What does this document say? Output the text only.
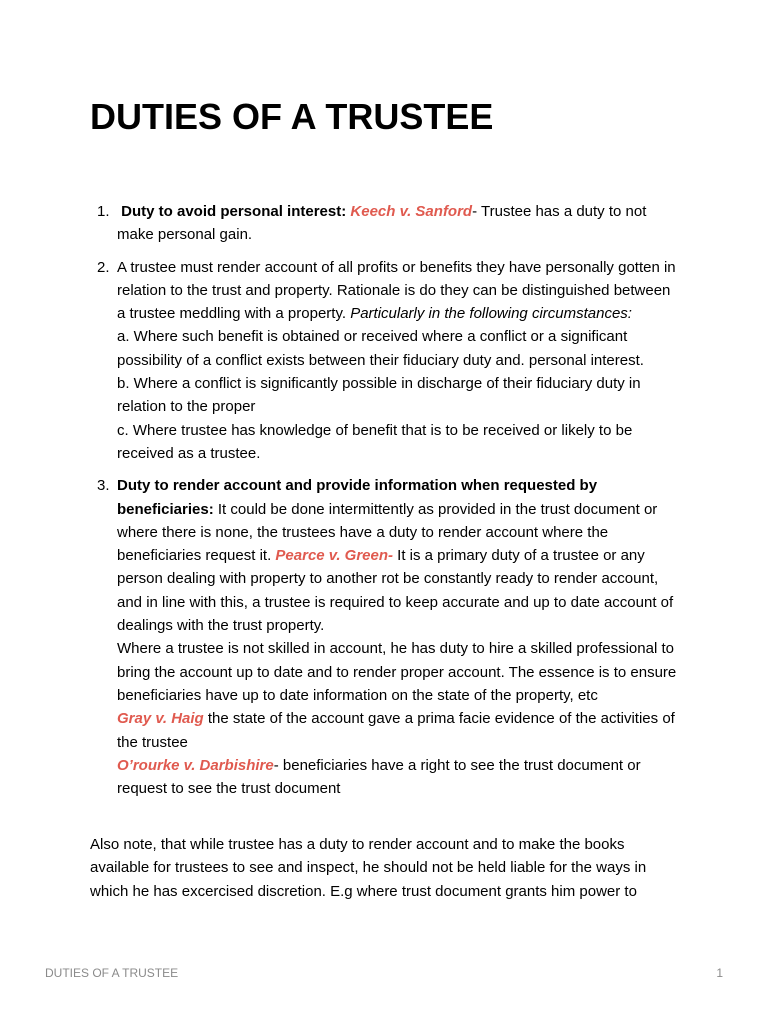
DUTIES OF A TRUSTEE
1. Duty to avoid personal interest: Keech v. Sanford- Trustee has a duty to not make personal gain.
2. A trustee must render account of all profits or benefits they have personally gotten in relation to the trust and property. Rationale is do they can be distinguished between a trustee meddling with a property. Particularly in the following circumstances:
a. Where such benefit is obtained or received where a conflict or a significant possibility of a conflict exists between their fiduciary duty and. personal interest.
b. Where a conflict is significantly possible in discharge of their fiduciary duty in relation to the proper
c. Where trustee has knowledge of benefit that is to be received or likely to be received as a trustee.
3. Duty to render account and provide information when requested by beneficiaries: It could be done intermittently as provided in the trust document or where there is none, the trustees have a duty to render account where the beneficiaries request it. Pearce v. Green- It is a primary duty of a trustee or any person dealing with property to another rot be constantly ready to render account, and in line with this, a trustee is required to keep accurate and up to date account of dealings with the trust property.
Where a trustee is not skilled in account, he has duty to hire a skilled professional to bring the account up to date and to render proper account. The essence is to ensure beneficiaries have up to date information on the state of the property, etc
Gray v. Haig the state of the account gave a prima facie evidence of the activities of the trustee
O’rourke v. Darbishire- beneficiaries have a right to see the trust document or request to see the trust document

Also note, that while trustee has a duty to render account and to make the books available for trustees to see and inspect, he should not be held liable for the ways in which he has excercised discretion. E.g where trust document grants him power to

DUTIES OF A TRUSTEE	1
